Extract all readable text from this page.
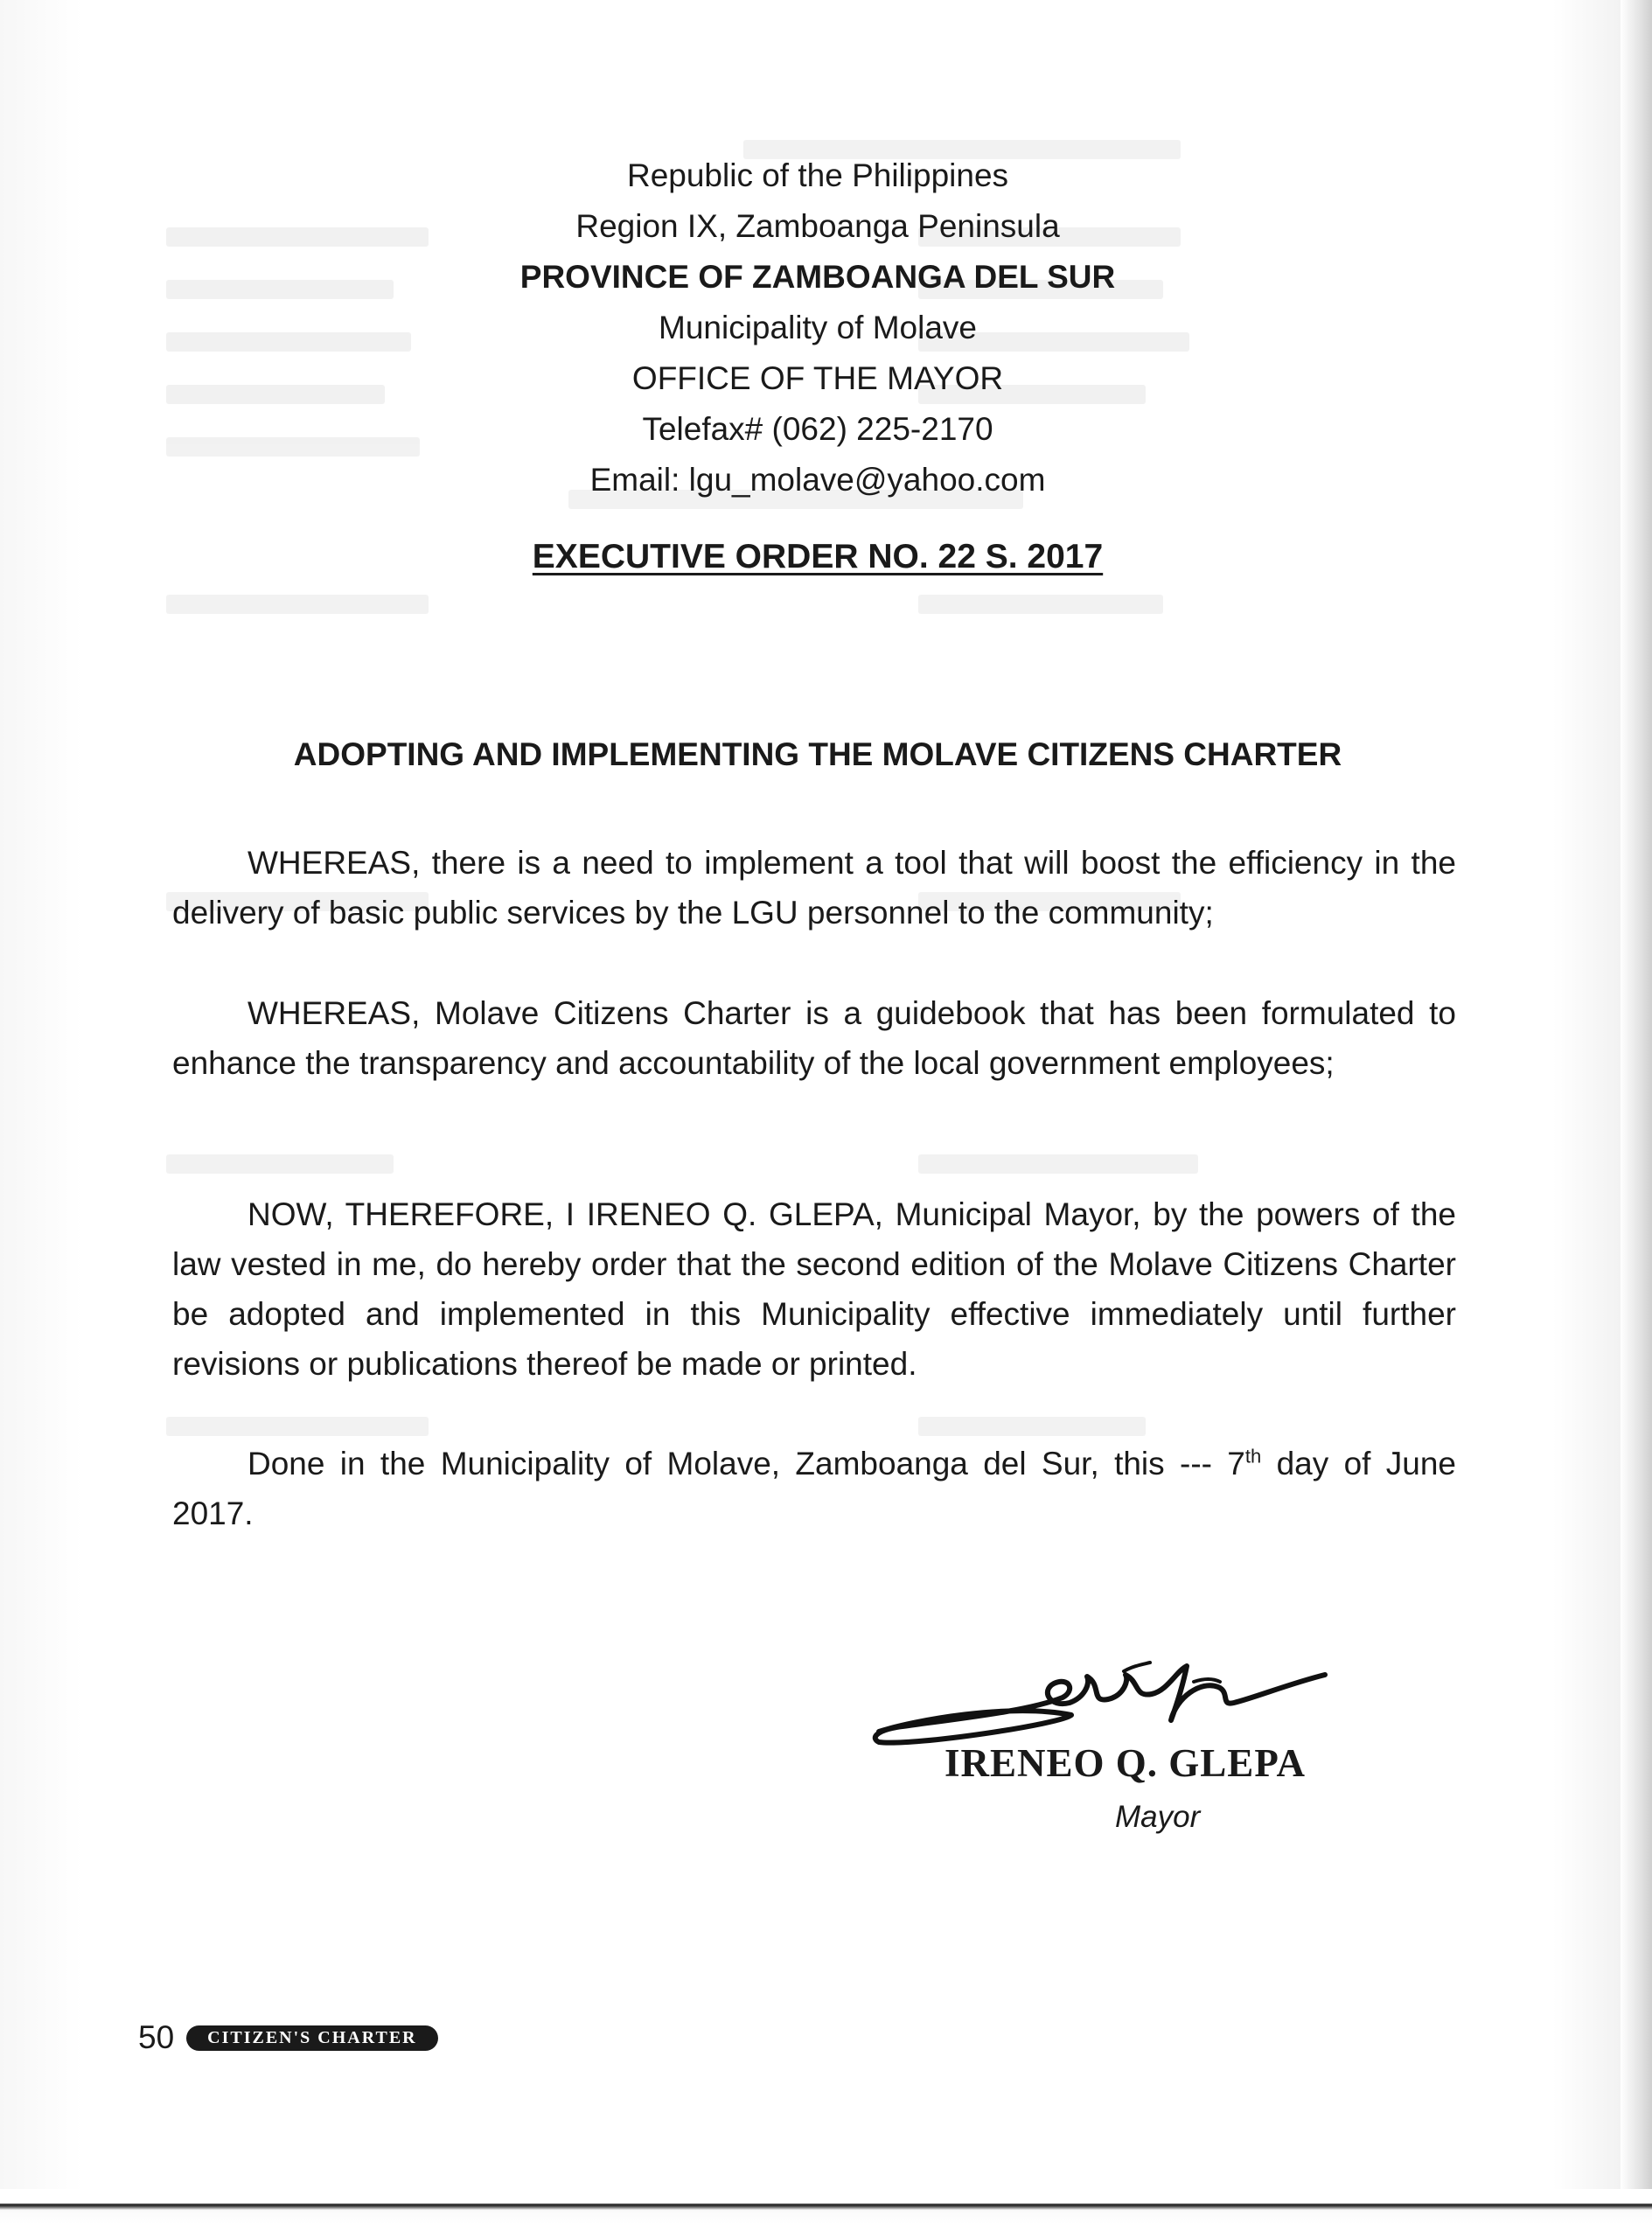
Republic of the Philippines
Region IX, Zamboanga Peninsula
PROVINCE OF ZAMBOANGA DEL SUR
Municipality of Molave
OFFICE OF THE MAYOR
Telefax# (062) 225-2170
Email: lgu_molave@yahoo.com
EXECUTIVE ORDER NO. 22 S. 2017
ADOPTING AND IMPLEMENTING THE MOLAVE CITIZENS CHARTER

WHEREAS, there is a need to implement a tool that will boost the efficiency in the delivery of basic public services by the LGU personnel to the community;

WHEREAS, Molave Citizens Charter is a guidebook that has been formulated to enhance the transparency and accountability of the local government employees;

NOW, THEREFORE, I IRENEO Q. GLEPA, Municipal Mayor, by the powers of the law vested in me, do hereby order that the second edition of the Molave Citizens Charter be adopted and implemented in this Municipality effective immediately until further revisions or publications thereof be made or printed.

Done in the Municipality of Molave, Zamboanga del Sur, this --- 7th day of June 2017.

IRENEO Q. GLEPA
Mayor
50	CITIZEN'S CHARTER
